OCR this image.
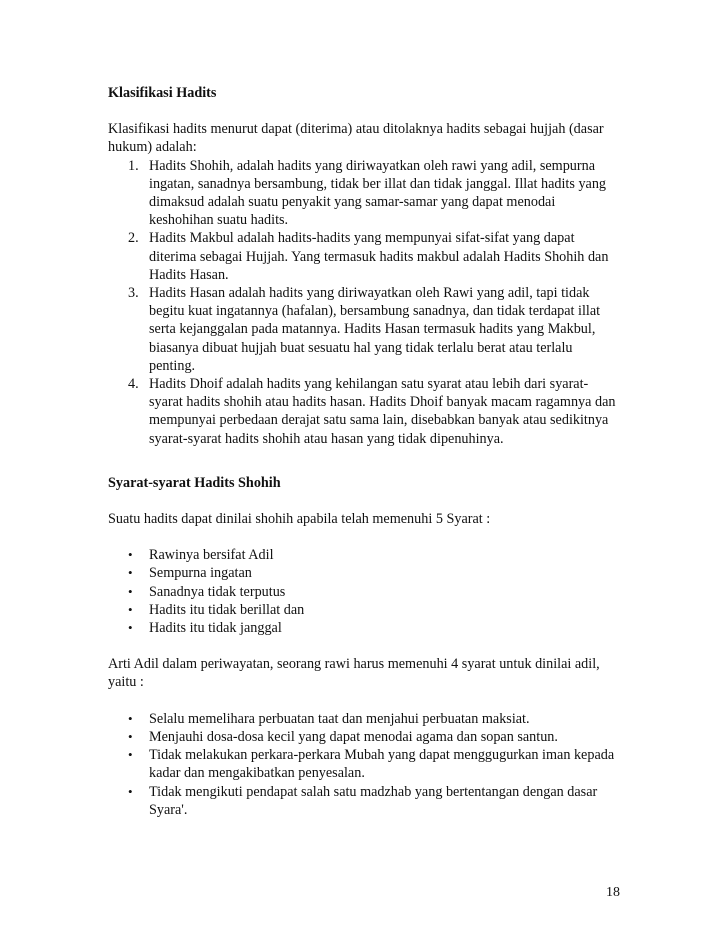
Klasifikasi Hadits

Klasifikasi hadits menurut dapat (diterima) atau ditolaknya hadits sebagai hujjah (dasar hukum) adalah:

1. Hadits Shohih, adalah hadits yang diriwayatkan oleh rawi yang adil, sempurna ingatan, sanadnya bersambung, tidak ber illat dan tidak janggal. Illat hadits yang dimaksud adalah suatu penyakit yang samar-samar yang dapat menodai keshohihan suatu hadits.
2. Hadits Makbul adalah hadits-hadits yang mempunyai sifat-sifat yang dapat diterima sebagai Hujjah. Yang termasuk hadits makbul adalah Hadits Shohih dan Hadits Hasan.
3. Hadits Hasan adalah hadits yang diriwayatkan oleh Rawi yang adil, tapi tidak begitu kuat ingatannya (hafalan), bersambung sanadnya, dan tidak terdapat illat serta kejanggalan pada matannya. Hadits Hasan termasuk hadits yang Makbul, biasanya dibuat hujjah buat sesuatu hal yang tidak terlalu berat atau terlalu penting.
4. Hadits Dhoif adalah hadits yang kehilangan satu syarat atau lebih dari syarat-syarat hadits shohih atau hadits hasan. Hadits Dhoif banyak macam ragamnya dan mempunyai perbedaan derajat satu sama lain, disebabkan banyak atau sedikitnya syarat-syarat hadits shohih atau hasan yang tidak dipenuhinya.
Syarat-syarat Hadits Shohih

Suatu hadits dapat dinilai shohih apabila telah memenuhi 5 Syarat :

• Rawinya bersifat Adil
• Sempurna ingatan
• Sanadnya tidak terputus
• Hadits itu tidak berillat dan
• Hadits itu tidak janggal

Arti Adil dalam periwayatan, seorang rawi harus memenuhi 4 syarat untuk dinilai adil, yaitu :

• Selalu memelihara perbuatan taat dan menjahui perbuatan maksiat.
• Menjauhi dosa-dosa kecil yang dapat menodai agama dan sopan santun.
• Tidak melakukan perkara-perkara Mubah yang dapat menggugurkan iman kepada kadar dan mengakibatkan penyesalan.
• Tidak mengikuti pendapat salah satu madzhab yang bertentangan dengan dasar Syara'.
18
